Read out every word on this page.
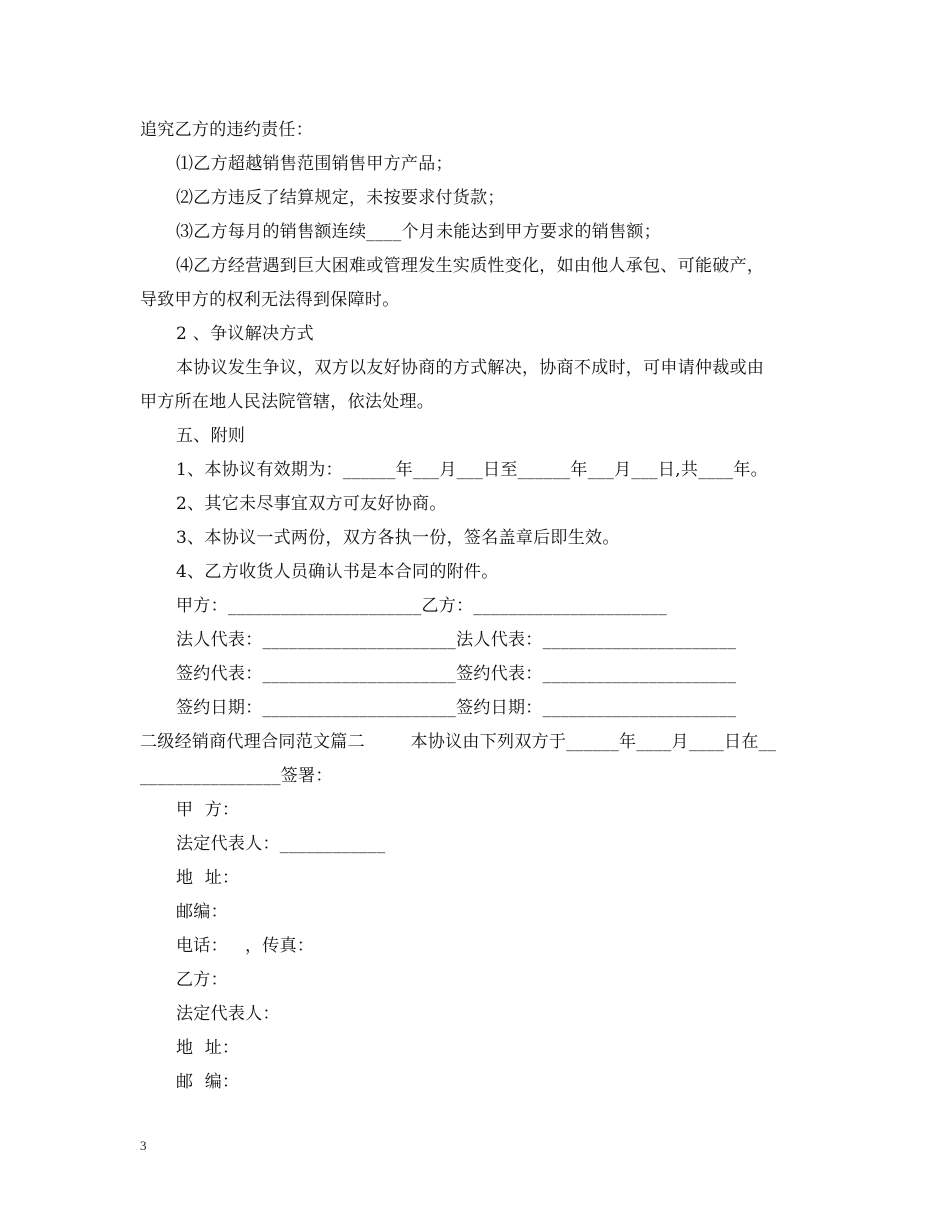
追究乙方的违约责任：
⑴乙方超越销售范围销售甲方产品；
⑵乙方违反了结算规定，未按要求付货款；
⑶乙方每月的销售额连续____个月未能达到甲方要求的销售额；
⑷乙方经营遇到巨大困难或管理发生实质性变化，如由他人承包、可能破产，
导致甲方的权利无法得到保障时。
2 、争议解决方式
本协议发生争议，双方以友好协商的方式解决，协商不成时，可申请仲裁或由
甲方所在地人民法院管辖，依法处理。
五、附则
1、本协议有效期为：______年___月___日至______年___月___日,共____年。
2、其它未尽事宜双方可友好协商。
3、本协议一式两份，双方各执一份，签名盖章后即生效。
4、乙方收货人员确认书是本合同的附件。
甲方：______________________乙方：______________________
法人代表：______________________法人代表：______________________
签约代表：______________________签约代表：______________________
签约日期：______________________签约日期：______________________
二级经销商代理合同范文篇二        本协议由下列双方于______年____月____日在__
________________签署：
甲  方：
法定代表人：____________
地  址：
邮编：
电话：   ，传真：
乙方：
法定代表人：
地  址：
邮  编：
3
